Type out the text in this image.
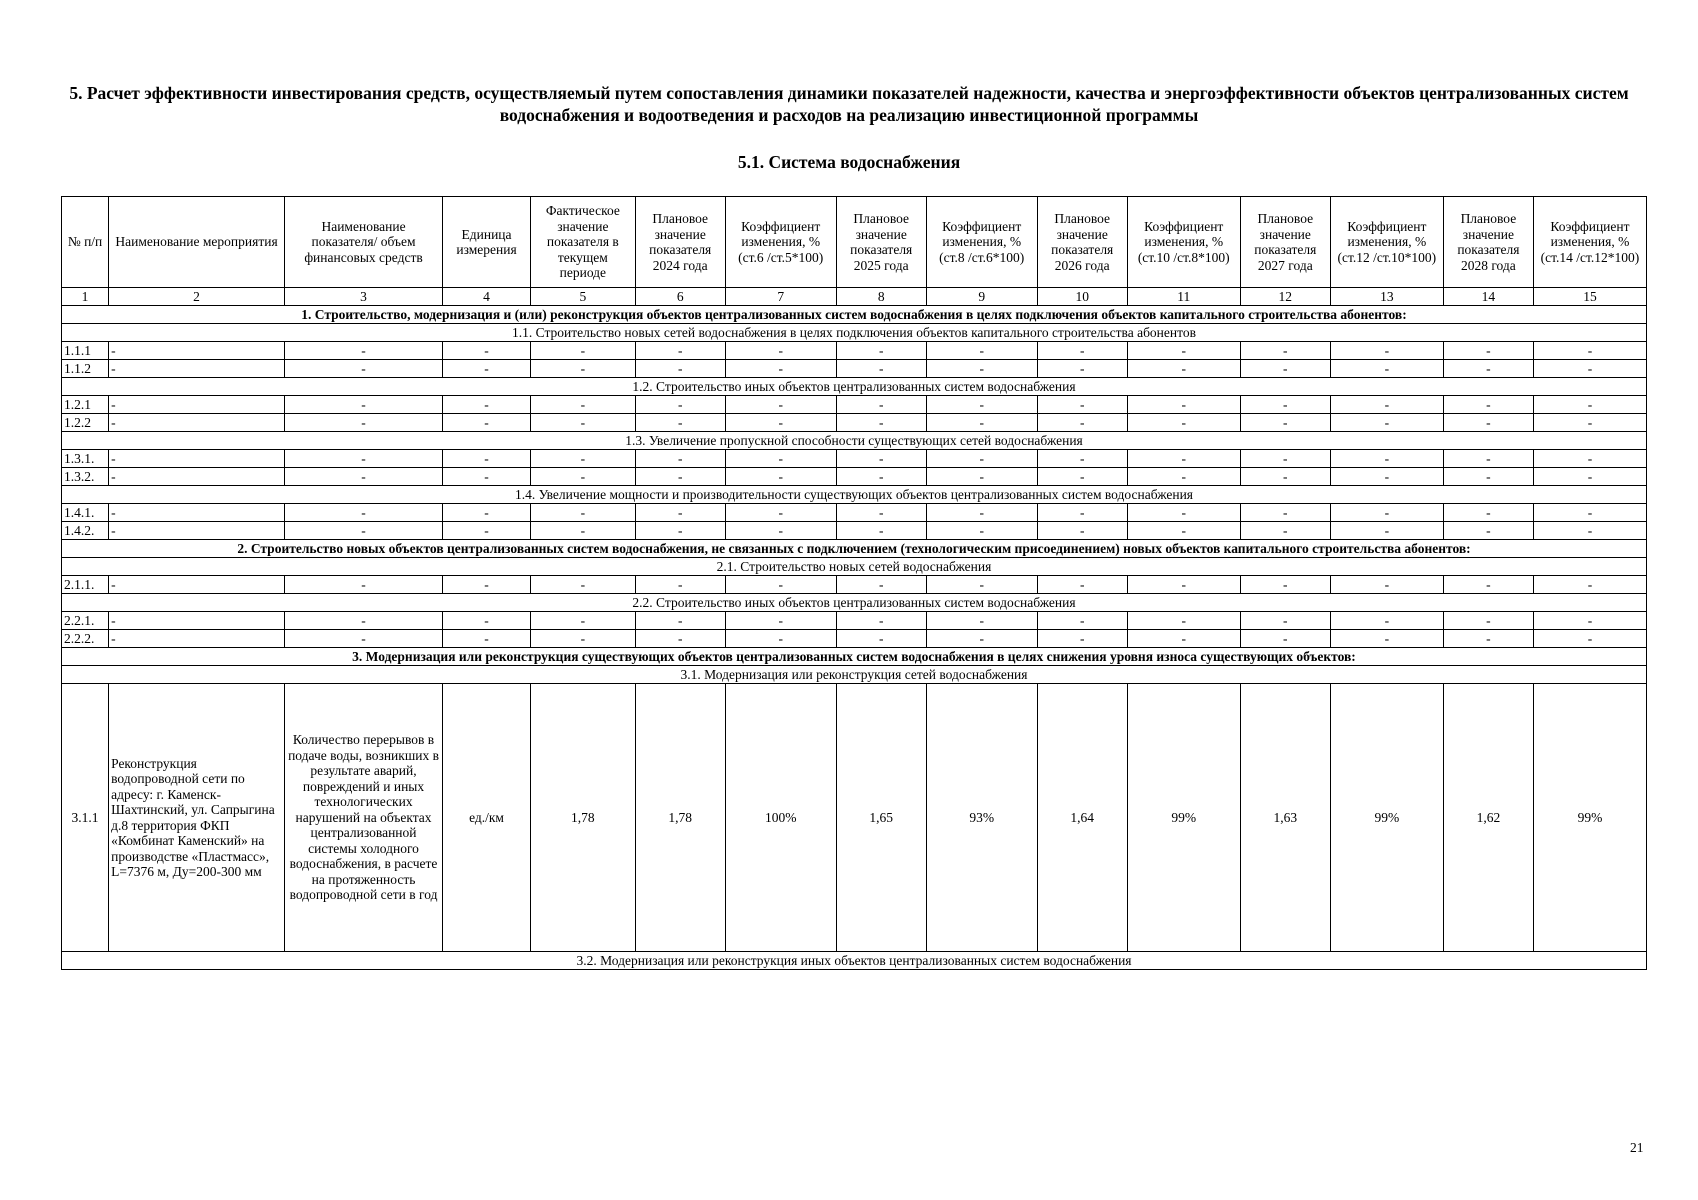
5. Расчет эффективности инвестирования средств, осуществляемый путем сопоставления динамики показателей надежности, качества и энергоэффективности объектов централизованных систем водоснабжения и водоотведения и расходов на реализацию инвестиционной программы
5.1. Система водоснабжения
№ п/п	Наименование мероприятия	Наименование показателя/ объем финансовых средств	Единица измерения	Фактическое значение показателя в текущем периоде	Плановое значение показателя 2024 года	Коэффициент изменения, % (ст.6 /ст.5*100)	Плановое значение показателя 2025 года	Коэффициент изменения, % (ст.8 /ст.6*100)	Плановое значение показателя 2026 года	Коэффициент изменения, % (ст.10 /ст.8*100)	Плановое значение показателя 2027 года	Коэффициент изменения, % (ст.12 /ст.10*100)	Плановое значение показателя 2028 года	Коэффициент изменения, % (ст.14 /ст.12*100)
1	2	3	4	5	6	7	8	9	10	11	12	13	14	15
1. Строительство, модернизация и (или) реконструкция объектов централизованных систем водоснабжения в целях подключения объектов капитального строительства абонентов:														
1.1. Строительство новых сетей водоснабжения в целях подключения объектов капитального строительства абонентов														
1.1.1	-	-	-	-	-	-	-	-	-	-	-	-	-	-
1.1.2	-	-	-	-	-	-	-	-	-	-	-	-	-	-
1.2. Строительство иных объектов централизованных систем водоснабжения														
1.2.1	-	-	-	-	-	-	-	-	-	-	-	-	-	-
1.2.2	-	-	-	-	-	-	-	-	-	-	-	-	-	-
1.3. Увеличение пропускной способности существующих сетей водоснабжения														
1.3.1.	-	-	-	-	-	-	-	-	-	-	-	-	-	-
1.3.2.	-	-	-	-	-	-	-	-	-	-	-	-	-	-
1.4. Увеличение мощности и производительности существующих объектов централизованных систем водоснабжения														
1.4.1.	-	-	-	-	-	-	-	-	-	-	-	-	-	-
1.4.2.	-	-	-	-	-	-	-	-	-	-	-	-	-	-
2. Строительство новых объектов централизованных систем водоснабжения, не связанных с подключением (технологическим присоединением) новых объектов капитального строительства абонентов:														
2.1. Строительство новых сетей водоснабжения														
2.1.1.	-	-	-	-	-	-	-	-	-	-	-	-	-	-
2.2. Строительство иных объектов централизованных систем водоснабжения														
2.2.1.	-	-	-	-	-	-	-	-	-	-	-	-	-	-
2.2.2.	-	-	-	-	-	-	-	-	-	-	-	-	-	-
3. Модернизация или реконструкция существующих объектов централизованных систем водоснабжения в целях снижения уровня износа существующих объектов:														
3.1. Модернизация или реконструкция сетей водоснабжения														
3.1.1	Реконструкция водопроводной сети по адресу: г. Каменск-Шахтинский, ул. Сапрыгина д.8 территория ФКП «Комбинат Каменский» на производстве «Пластмасс», L=7376 м, Ду=200-300 мм	Количество перерывов в подаче воды, возникших в результате аварий, повреждений и иных технологических нарушений на объектах централизованной системы холодного водоснабжения, в расчете на протяженность водопроводной сети в год	ед./км	1,78	1,78	100%	1,65	93%	1,64	99%	1,63	99%	1,62	99%
3.2. Модернизация или реконструкция иных объектов централизованных систем водоснабжения														
21
